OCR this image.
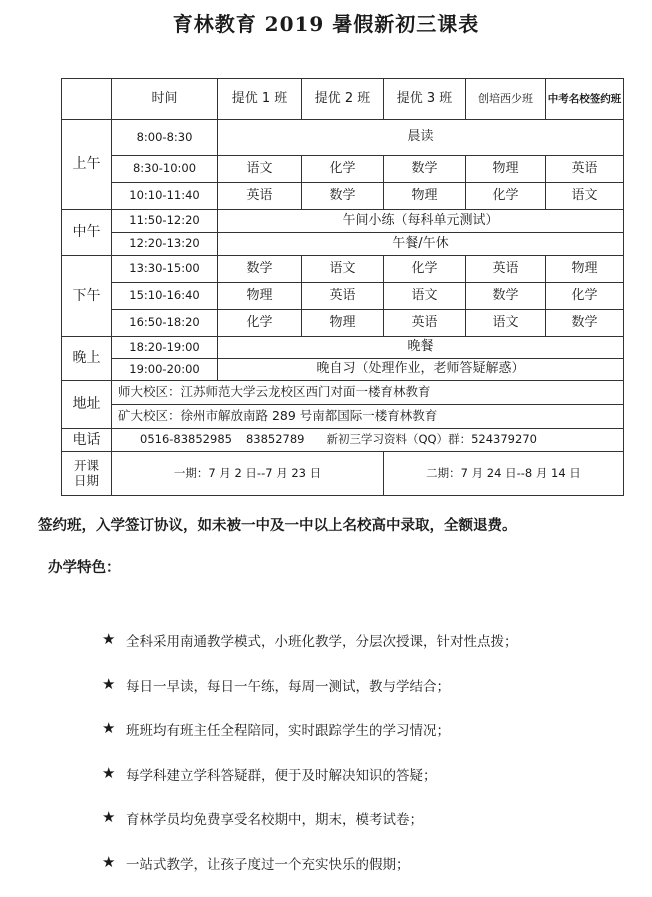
育林教育 2019 暑假新初三课表
	时间	提优 1 班	提优 2 班	提优 3 班	创培西少班	中考名校签约班
上午	8:00-8:30	晨读				
	8:30-10:00	语文	化学	数学	物理	英语
	10:10-11:40	英语	数学	物理	化学	语文
中午	11:50-12:20	午间小练（每科单元测试）				
	12:20-13:20	午餐/午休				
下午	13:30-15:00	数学	语文	化学	英语	物理
	15:10-16:40	物理	英语	语文	数学	化学
	16:50-18:20	化学	物理	英语	语文	数学
晚上	18:20-19:00	晚餐				
	19:00-20:00	晚自习（处理作业，老师答疑解惑）				
地址	师大校区：江苏师范大学云龙校区西门对面一楼育林教育					
	矿大校区：徐州市解放南路 289 号南都国际一楼育林教育					
电话	0516-83852985 83852789 新初三学习资料（QQ）群：524379270					
开课日期	一期：7 月 2 日--7 月 23 日			二期：7 月 24 日--8 月 14 日		
签约班，入学签订协议，如未被一中及一中以上名校高中录取，全额退费。
办学特色：
★ 全科采用南通教学模式，小班化教学，分层次授课，针对性点拨；
★ 每日一早读，每日一午练，每周一测试，教与学结合；
★ 班班均有班主任全程陪同，实时跟踪学生的学习情况；
★ 每学科建立学科答疑群，便于及时解决知识的答疑；
★ 育林学员均免费享受名校期中，期末，模考试卷；
★ 一站式教学，让孩子度过一个充实快乐的假期；
